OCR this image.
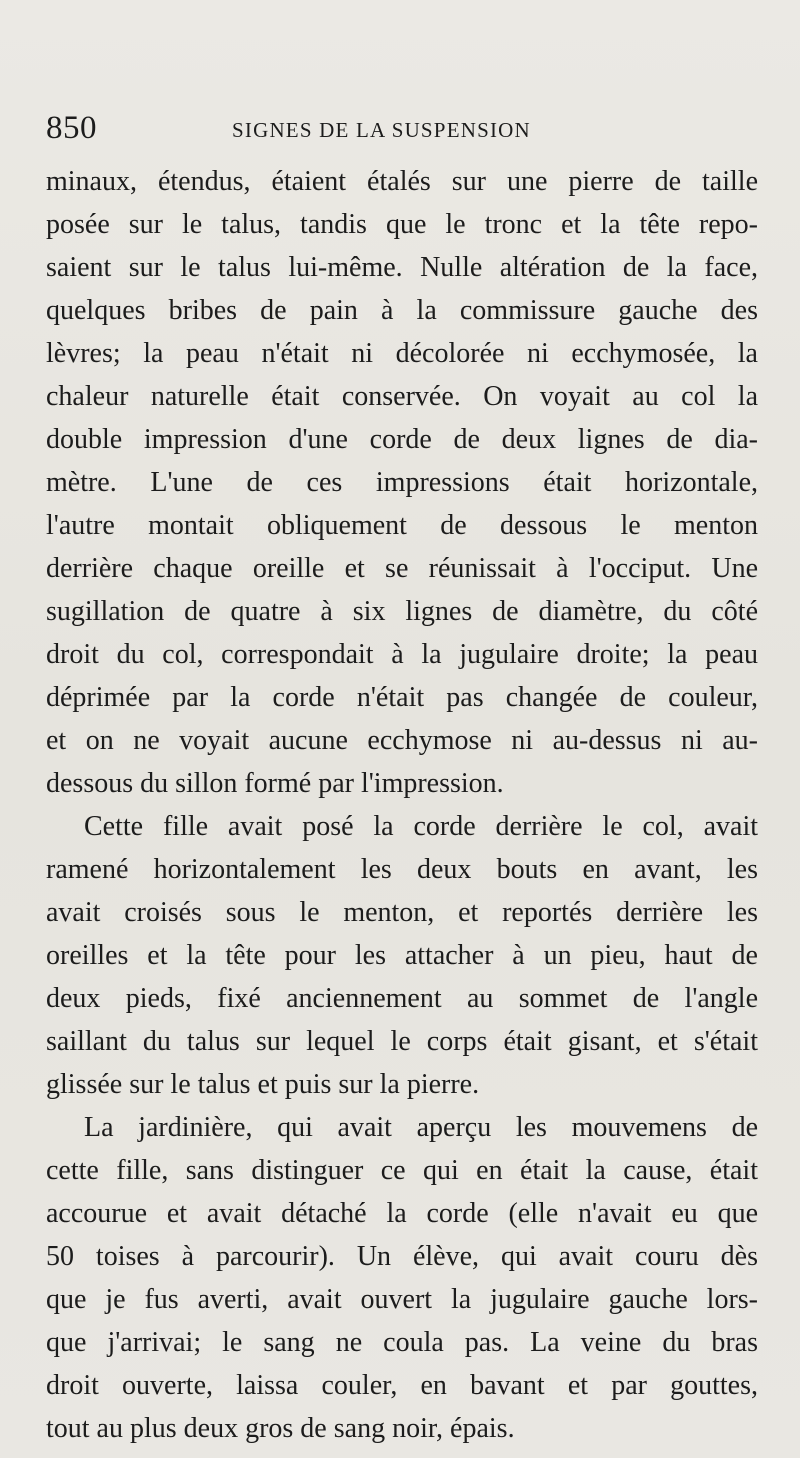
850	SIGNES DE LA SUSPENSION
minaux, étendus, étaient étalés sur une pierre de taille
posée sur le talus, tandis que le tronc et la tête repo-
saient sur le talus lui-même. Nulle altération de la face,
quelques bribes de pain à la commissure gauche des
lèvres; la peau n'était ni décolorée ni ecchymosée, la
chaleur naturelle était conservée. On voyait au col la
double impression d'une corde de deux lignes de dia-
mètre. L'une de ces impressions était horizontale,
l'autre montait obliquement de dessous le menton
derrière chaque oreille et se réunissait à l'occiput. Une
sugillation de quatre à six lignes de diamètre, du côté
droit du col, correspondait à la jugulaire droite; la peau
déprimée par la corde n'était pas changée de couleur,
et on ne voyait aucune ecchymose ni au-dessus ni au-
dessous du sillon formé par l'impression.
Cette fille avait posé la corde derrière le col, avait
ramené horizontalement les deux bouts en avant, les
avait croisés sous le menton, et reportés derrière les
oreilles et la tête pour les attacher à un pieu, haut de
deux pieds, fixé anciennement au sommet de l'angle
saillant du talus sur lequel le corps était gisant, et s'était
glissée sur le talus et puis sur la pierre.
La jardinière, qui avait aperçu les mouvemens de
cette fille, sans distinguer ce qui en était la cause, était
accourue et avait détaché la corde (elle n'avait eu que
50 toises à parcourir). Un élève, qui avait couru dès
que je fus averti, avait ouvert la jugulaire gauche lors-
que j'arrivai; le sang ne coula pas. La veine du bras
droit ouverte, laissa couler, en bavant et par gouttes,
tout au plus deux gros de sang noir, épais.
